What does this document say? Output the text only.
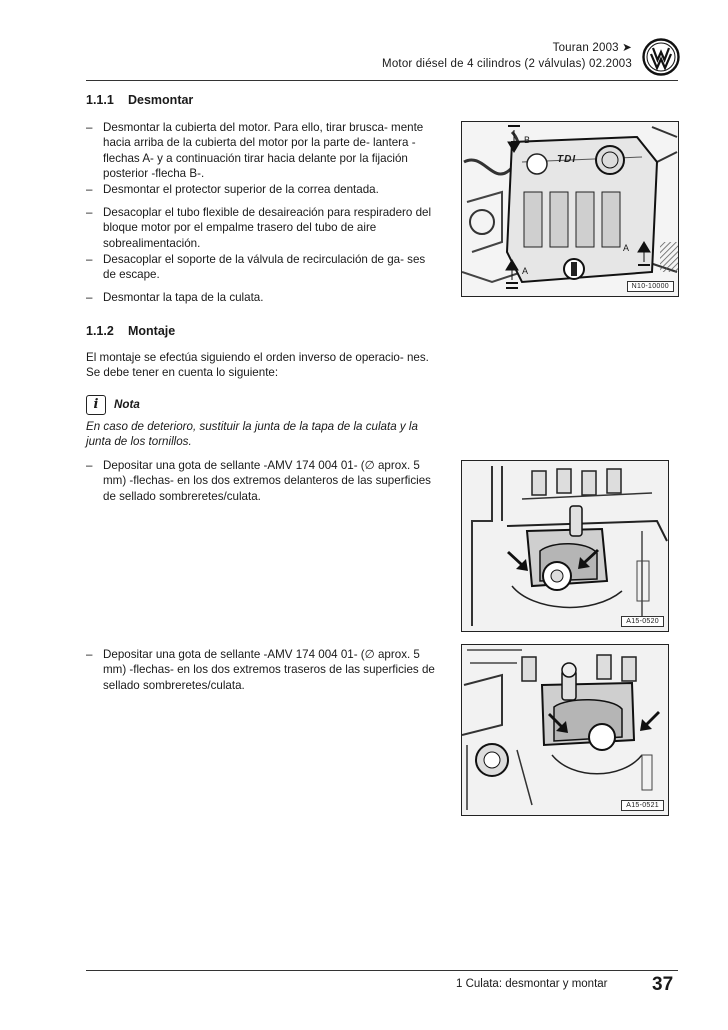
Touran 2003 ➤
Motor diésel de 4 cilindros (2 válvulas) 02.2003
1.1.1 Desmontar
– Desmontar la cubierta del motor. Para ello, tirar brusca- mente hacia arriba de la cubierta del motor por la parte de- lantera -flechas A- y a continuación tirar hacia delante por la fijación posterior -flecha B-.
– Desmontar el protector superior de la correa dentada.
– Desacoplar el tubo flexible de desaireación para respiradero del bloque motor por el empalme trasero del tubo de aire sobrealimentación.
– Desacoplar el soporte de la válvula de recirculación de ga- ses de escape.
– Desmontar la tapa de la culata.
B
A
A
TDI
N10-10000
1.1.2 Montaje
El montaje se efectúa siguiendo el orden inverso de operacio- nes. Se debe tener en cuenta lo siguiente:
i	Nota
En caso de deterioro, sustituir la junta de la tapa de la culata y la junta de los tornillos.
– Depositar una gota de sellante -AMV 174 004 01- (∅ aprox. 5 mm) -flechas- en los dos extremos delanteros de las superficies de sellado sombreretes/culata.
A15-0520
– Depositar una gota de sellante -AMV 174 004 01- (∅ aprox. 5 mm) -flechas- en los dos extremos traseros de las superficies de sellado sombreretes/culata.
A15-0521
1 Culata: desmontar y montar 37
